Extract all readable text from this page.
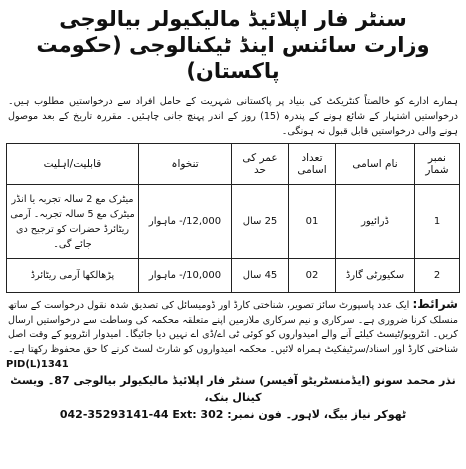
سنٹر فار اپلائیڈ مالیکیولر بیالوجی
وزارت سائنس اینڈ ٹیکنالوجی (حکومت پاکستان)
ہمارے ادارے کو خالصتاً کنٹریکٹ کی بنیاد پر پاکستانی شہریت کے حامل افراد سے درخواستیں مطلوب ہیں۔ درخواستیں اشتہار کے شائع ہونے کے پندرہ (15) روز کے اندر پہنچ جانی چاہئیں۔ مقررہ تاریخ کے بعد موصول ہونے والی درخواستیں قابل قبول نہ ہونگی۔
نمبر شمار	نام اسامی	تعداد اسامی	عمر کی حد	تنخواہ	قابلیت/اہلیت
1	ڈرائیور	01	25 سال	12,000/- ماہوار	میٹرک مع 2 سالہ تجربہ یا انڈر میٹرک مع 5 سالہ تجربہ۔ آرمی ریٹائرڈ حضرات کو ترجیح دی جائے گی۔
2	سکیورٹی گارڈ	02	45 سال	10,000/- ماہوار	پڑھالکھا آرمی ریٹائرڈ
شرائط: ایک عدد پاسپورٹ سائز تصویر، شناختی کارڈ اور ڈومیسائل کی تصدیق شدہ نقول درخواست کے ساتھ منسلک کرنا ضروری ہے۔ سرکاری و نیم سرکاری ملازمین اپنے متعلقہ محکمہ کی وساطت سے درخواستیں ارسال کریں۔ انٹرویو/ٹیسٹ کیلئے آنے والے امیدواروں کو کوئی ٹی اے/ڈی اے نہیں دیا جائیگا۔ امیدوار انٹرویو کے وقت اصل شناختی کارڈ اور اسناد/سرٹیفکیٹ ہمراہ لائیں۔ محکمہ امیدواروں کو شارٹ لسٹ کرنے کا حق محفوظ رکھتا ہے۔
PID(L)1341
نذر محمد سونو (ایڈمنسٹریٹو آفیسر) سنٹر فار اپلائیڈ مالیکیولر بیالوجی 87۔ ویسٹ کینال بنک،
ٹھوکر نیاز بیگ، لاہور۔ فون نمبر: 042-35293141-44 Ext: 302
